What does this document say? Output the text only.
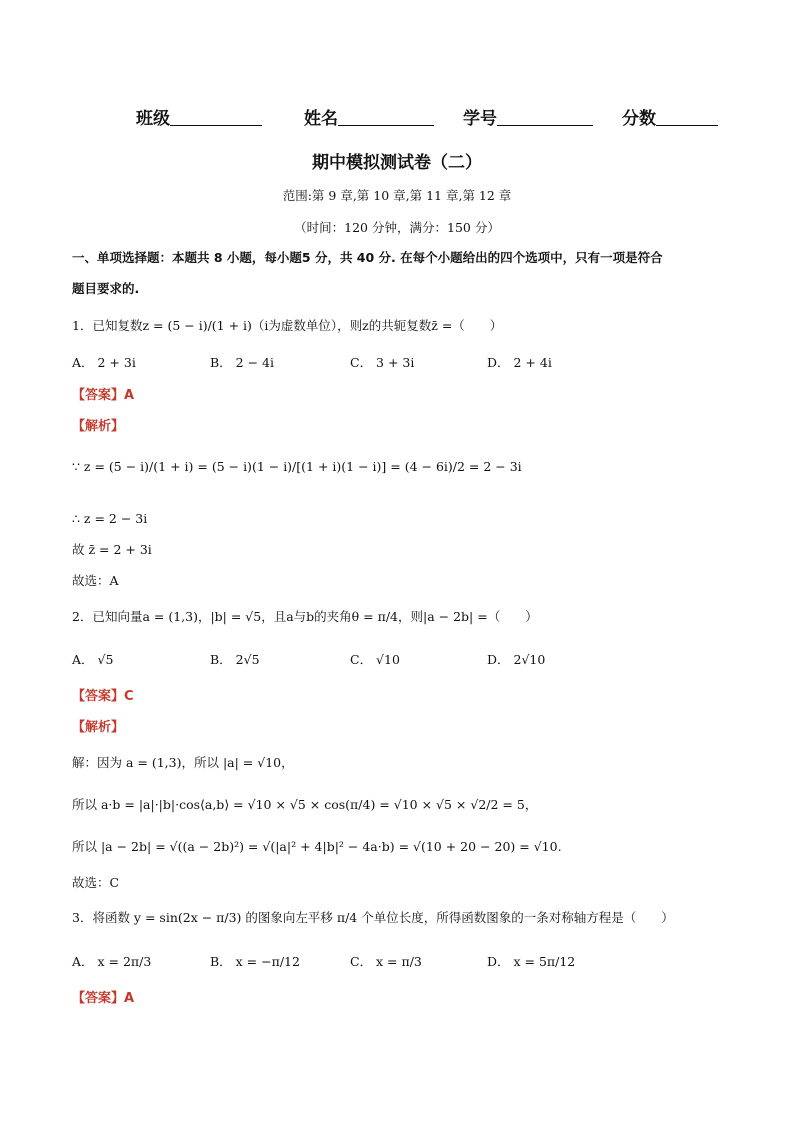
班级	姓名	学号	分数
期中模拟测试卷（二）
范围:第 9 章,第 10 章,第 11 章,第 12 章
（时间：120 分钟，满分：150 分）
一、单项选择题：本题共 8 小题，每小题5 分，共 40 分. 在每个小题给出的四个选项中，只有一项是符合
题目要求的.
1．已知复数z = (5 − i)/(1 + i)（i为虚数单位），则z的共轭复数z̄ =（　　）
A． 2 + 3i	B． 2 − 4i	C． 3 + 3i	D． 2 + 4i
【答案】A
【解析】
∵ z = (5 − i)/(1 + i) = (5 − i)(1 − i)/[(1 + i)(1 − i)] = (4 − 6i)/2 = 2 − 3i
∴ z = 2 − 3i
故 z̄ = 2 + 3i
故选：A
2．已知向量a = (1,3)，|b| = √5，且a与b的夹角θ = π/4，则|a − 2b| =（　　）
A． √5	B． 2√5	C． √10	D． 2√10
【答案】C
【解析】
解：因为 a = (1,3)，所以 |a| = √10，
所以 a·b = |a|·|b|·cos⟨a,b⟩ = √10 × √5 × cos(π/4) = √10 × √5 × √2/2 = 5，
所以 |a − 2b| = √((a − 2b)²) = √(|a|² + 4|b|² − 4a·b) = √(10 + 20 − 20) = √10.
故选：C
3．将函数 y = sin(2x − π/3) 的图象向左平移 π/4 个单位长度，所得函数图象的一条对称轴方程是（　　）
A． x = 2π/3	B． x = −π/12	C． x = π/3	D． x = 5π/12
【答案】A
